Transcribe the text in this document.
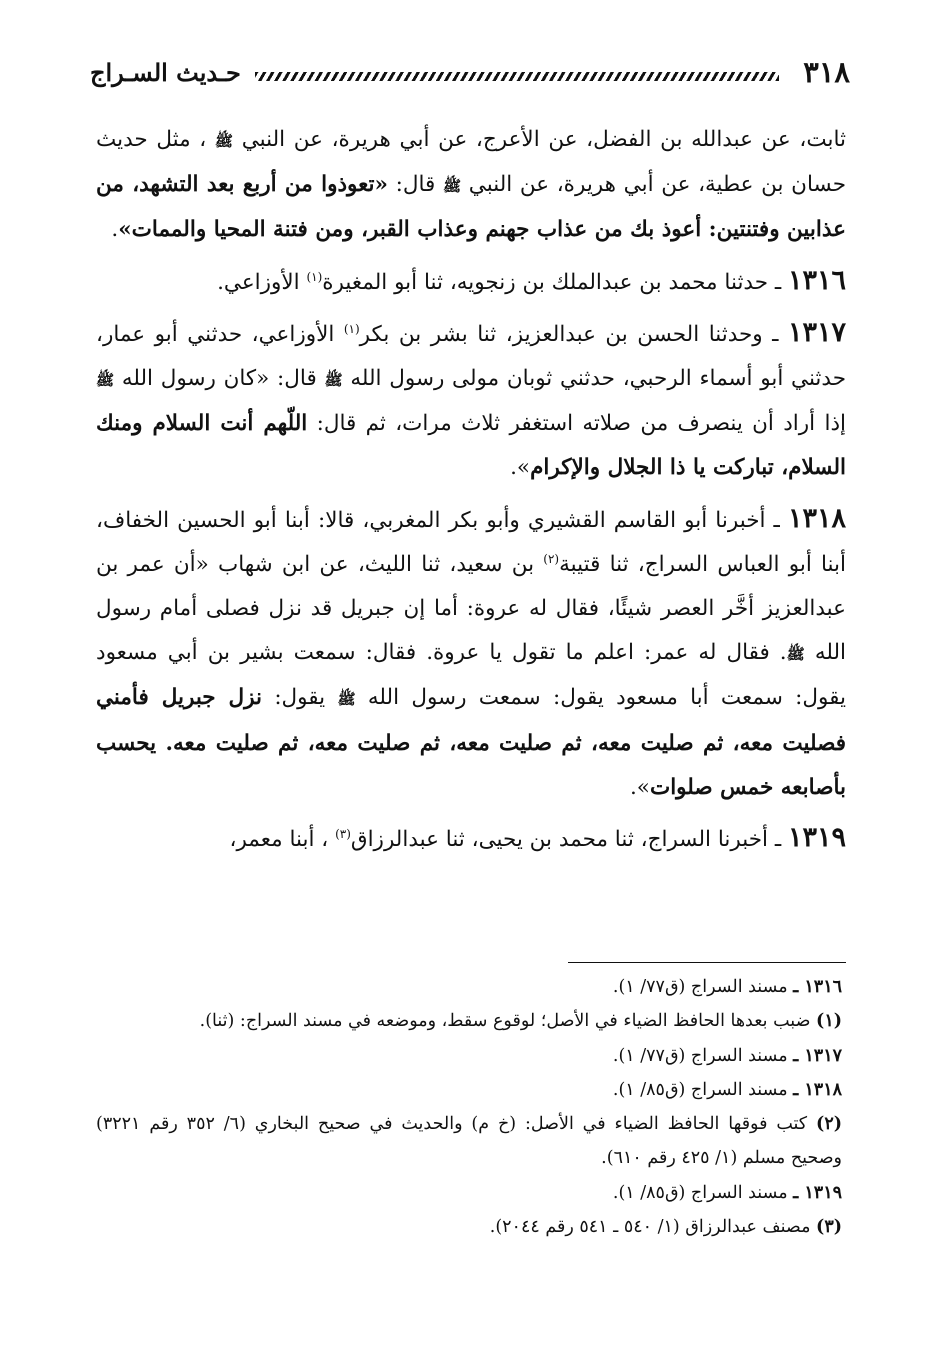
٣١٨
حـديث السـراج

ثابت، عن عبدالله بن الفضل، عن الأعرج، عن أبي هريرة، عن النبي ﷺ ، مثل حديث حسان بن عطية، عن أبي هريرة، عن النبي ﷺ قال: «تعوذوا من أربع بعد التشهد، من عذابين وفتنتين: أعوذ بك من عذاب جهنم وعذاب القبر، ومن فتنة المحيا والممات».

١٣١٦ ـ حدثنا محمد بن عبدالملك بن زنجويه، ثنا أبو المغيرة$^{(١)}$ الأوزاعي.

١٣١٧ ـ وحدثنا الحسن بن عبدالعزيز، ثنا بشر بن بكر$^{(١)}$ الأوزاعي، حدثني أبو عمار، حدثني أبو أسماء الرحبي، حدثني ثوبان مولى رسول الله ﷺ قال: «كان رسول الله ﷺ إذا أراد أن ينصرف من صلاته استغفر ثلاث مرات، ثم قال: اللّهم أنت السلام ومنك السلام، تباركت يا ذا الجلال والإكرام».

١٣١٨ ـ أخبرنا أبو القاسم القشيري وأبو بكر المغربي، قالا: أبنا أبو الحسين الخفاف، أبنا أبو العباس السراج، ثنا قتيبة$^{(٢)}$ بن سعيد، ثنا الليث، عن ابن شهاب «أن عمر بن عبدالعزيز أخَّر العصر شيئًا، فقال له عروة: أما إن جبريل قد نزل فصلى أمام رسول الله ﷺ. فقال له عمر: اعلم ما تقول يا عروة. فقال: سمعت بشير بن أبي مسعود يقول: سمعت أبا مسعود يقول: سمعت رسول الله ﷺ يقول: نزل جبريل فأمني فصليت معه، ثم صليت معه، ثم صليت معه، ثم صليت معه، ثم صليت معه. يحسب بأصابعه خمس صلوات».

١٣١٩ ـ أخبرنا السراج، ثنا محمد بن يحيى، ثنا عبدالرزاق$^{(٣)}$ ، أبنا معمر،

١٣١٦ ـ مسند السراج (ق٧٧/ ١).

(١) ضبب بعدها الحافظ الضياء في الأصل؛ لوقوع سقط، وموضعه في مسند السراج: (ثنا).

١٣١٧ ـ مسند السراج (ق٧٧/ ١).

١٣١٨ ـ مسند السراج (ق٨٥/ ١).

(٢) كتب فوقها الحافظ الضياء في الأصل: (خ م) والحديث في صحيح البخاري (٦/ ٣٥٢ رقم ٣٢٢١) وصحيح مسلم (١/ ٤٢٥ رقم ٦١٠).

١٣١٩ ـ مسند السراج (ق٨٥/ ١).

(٣) مصنف عبدالرزاق (١/ ٥٤٠ ـ ٥٤١ رقم ٢٠٤٤).
